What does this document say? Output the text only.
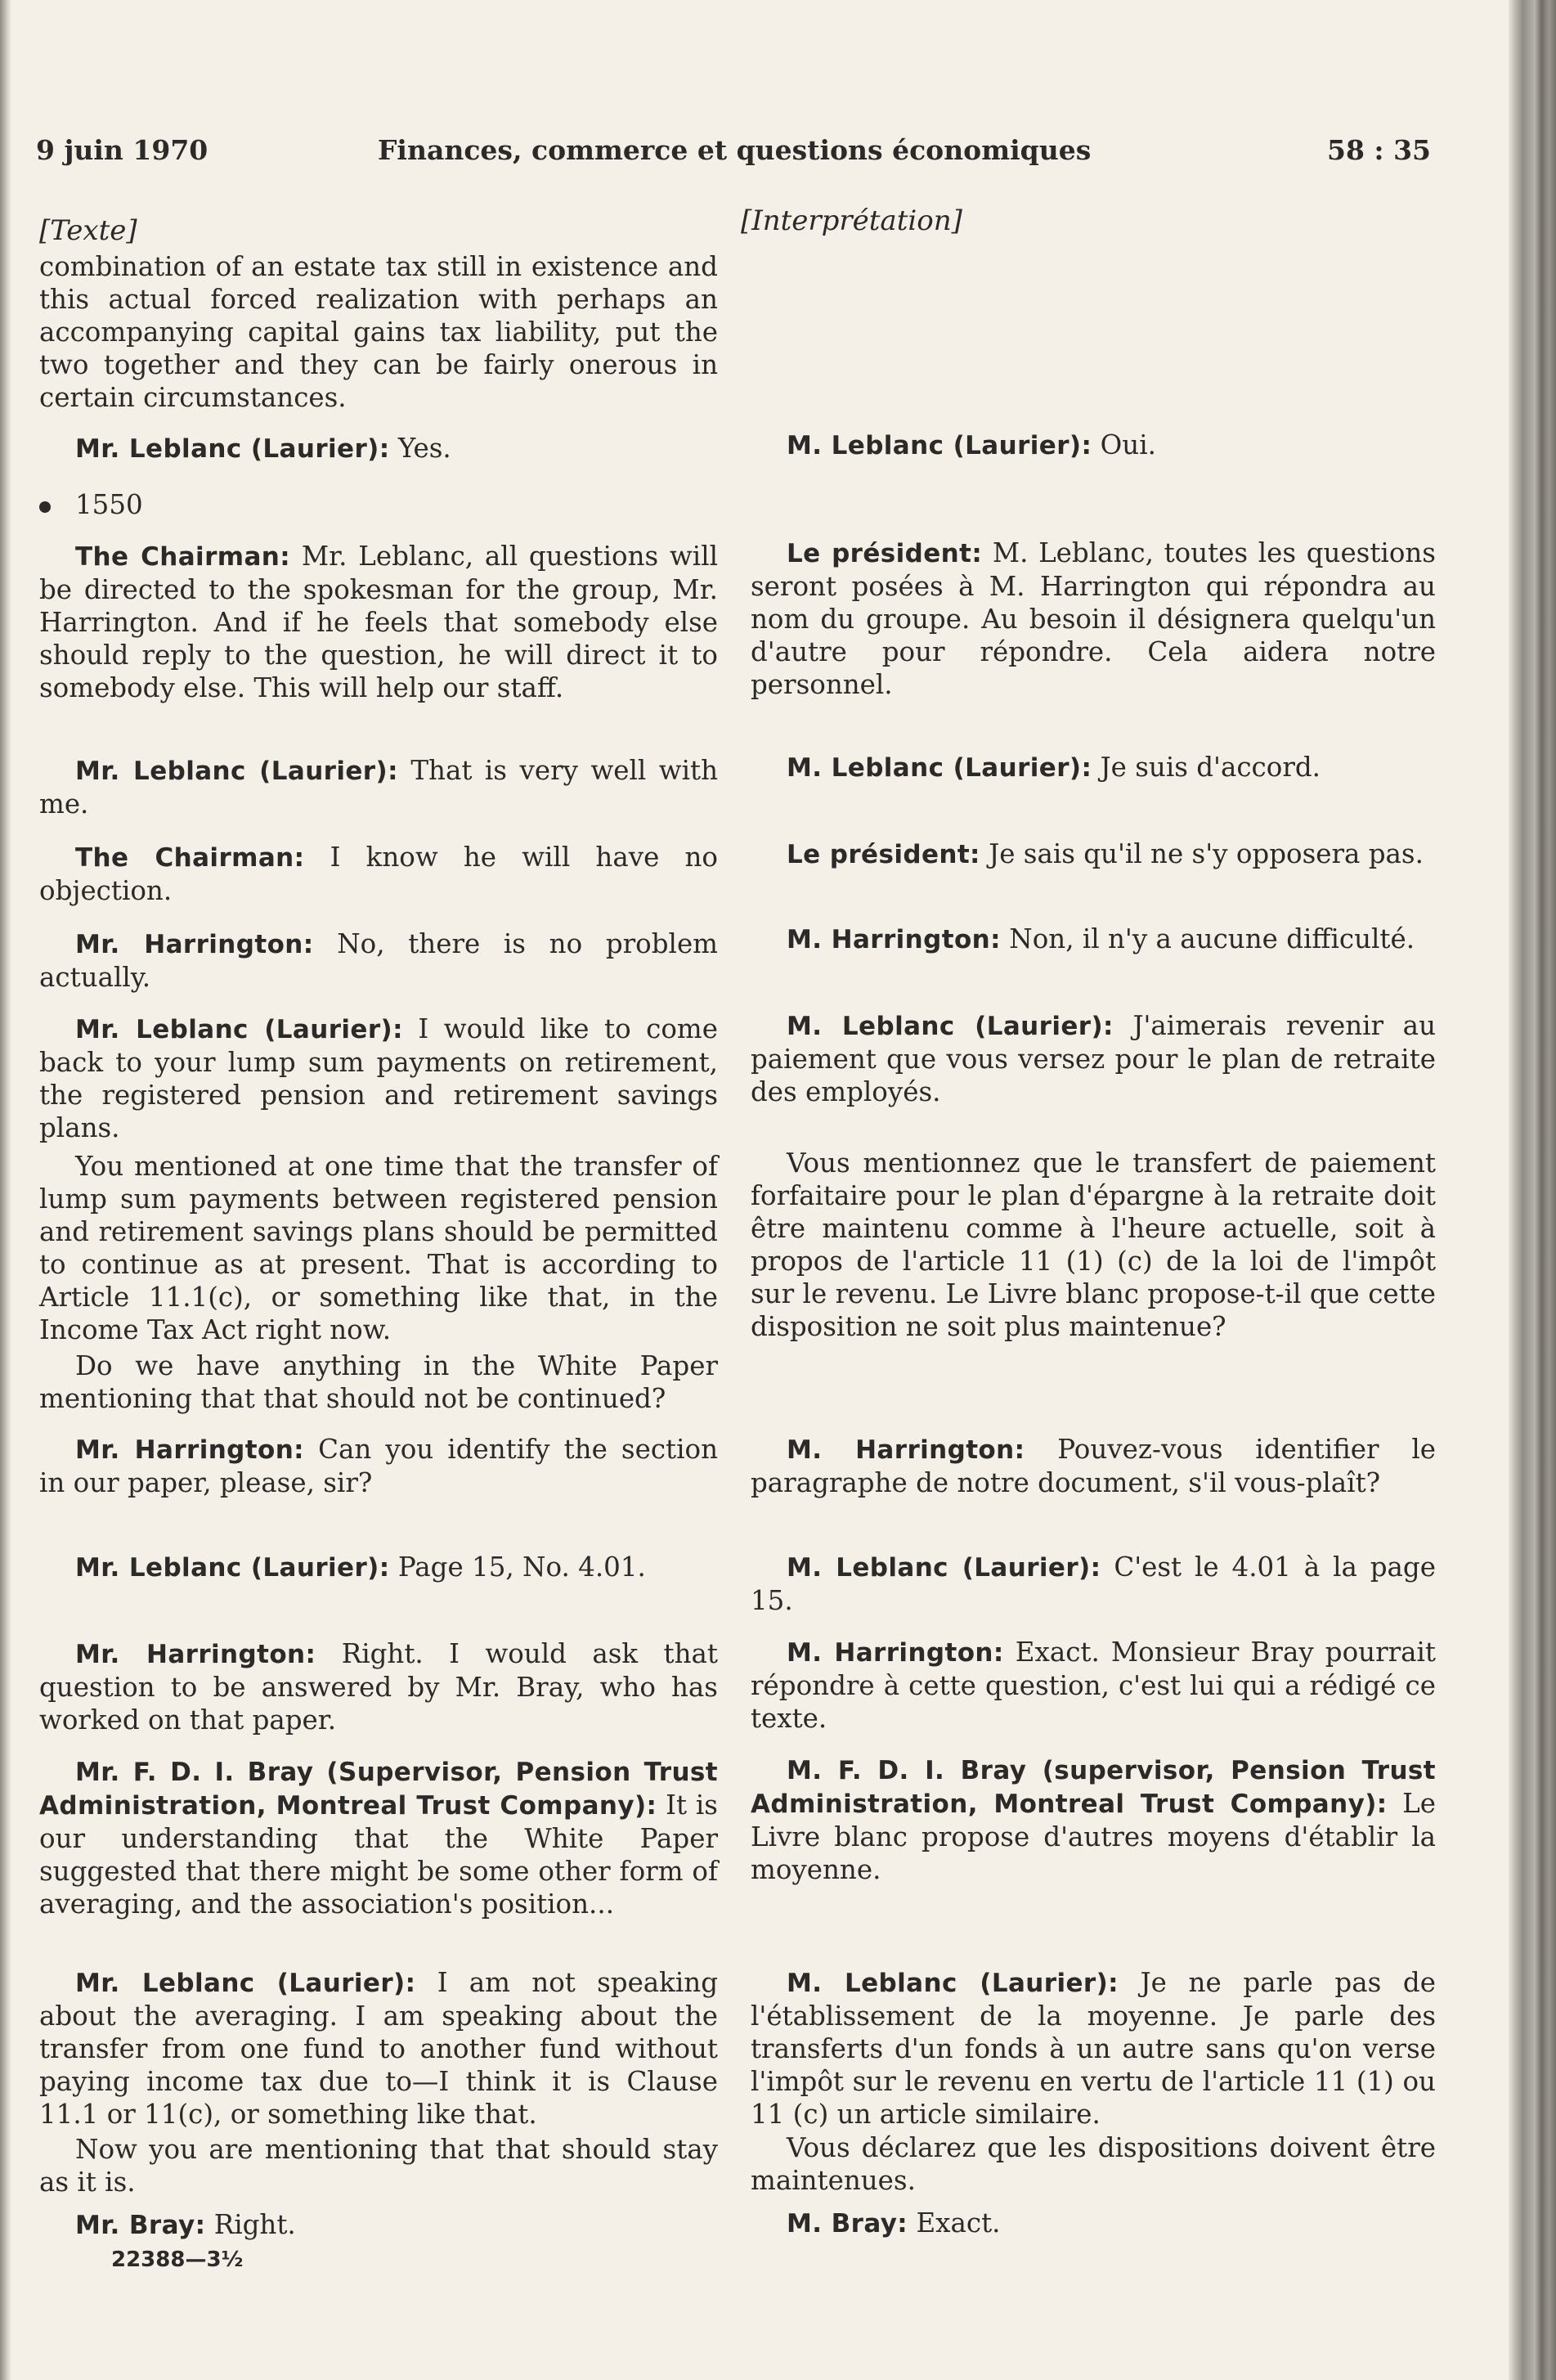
9 juin 1970	Finances, commerce et questions économiques	58 : 35
[Texte]	[Interprétation]
1550
combination of an estate tax still in existence and this actual forced realization with perhaps an accompanying capital gains tax liability, put the two together and they can be fairly onerous in certain circumstances.
Mr. Leblanc (Laurier): Yes.
The Chairman: Mr. Leblanc, all questions will be directed to the spokesman for the group, Mr. Harrington. And if he feels that somebody else should reply to the question, he will direct it to somebody else. This will help our staff.
Mr. Leblanc (Laurier): That is very well with me.
The Chairman: I know he will have no objection.
Mr. Harrington: No, there is no problem actually.
Mr. Leblanc (Laurier): I would like to come back to your lump sum payments on retirement, the registered pension and retirement savings plans.
You mentioned at one time that the transfer of lump sum payments between registered pension and retirement savings plans should be permitted to continue as at present. That is according to Article 11.1(c), or something like that, in the Income Tax Act right now.
Do we have anything in the White Paper mentioning that that should not be continued?
Mr. Harrington: Can you identify the section in our paper, please, sir?
Mr. Leblanc (Laurier): Page 15, No. 4.01.
Mr. Harrington: Right. I would ask that question to be answered by Mr. Bray, who has worked on that paper.
Mr. F. D. I. Bray (Supervisor, Pension Trust Administration, Montreal Trust Company): It is our understanding that the White Paper suggested that there might be some other form of averaging, and the association's position...
Mr. Leblanc (Laurier): I am not speaking about the averaging. I am speaking about the transfer from one fund to another fund without paying income tax due to—I think it is Clause 11.1 or 11(c), or something like that.
Now you are mentioning that that should stay as it is.
Mr. Bray: Right.
22388—3½
M. Leblanc (Laurier): Oui.
Le président: M. Leblanc, toutes les questions seront posées à M. Harrington qui répondra au nom du groupe. Au besoin il désignera quelqu'un d'autre pour répondre. Cela aidera notre personnel.
M. Leblanc (Laurier): Je suis d'accord.
Le président: Je sais qu'il ne s'y opposera pas.
M. Harrington: Non, il n'y a aucune difficulté.
M. Leblanc (Laurier): J'aimerais revenir au paiement que vous versez pour le plan de retraite des employés.
Vous mentionnez que le transfert de paiement forfaitaire pour le plan d'épargne à la retraite doit être maintenu comme à l'heure actuelle, soit à propos de l'article 11 (1) (c) de la loi de l'impôt sur le revenu. Le Livre blanc propose-t-il que cette disposition ne soit plus maintenue?
M. Harrington: Pouvez-vous identifier le paragraphe de notre document, s'il vous-plaît?
M. Leblanc (Laurier): C'est le 4.01 à la page 15.
M. Harrington: Exact. Monsieur Bray pourrait répondre à cette question, c'est lui qui a rédigé ce texte.
M. F. D. I. Bray (supervisor, Pension Trust Administration, Montreal Trust Company): Le Livre blanc propose d'autres moyens d'établir la moyenne.
M. Leblanc (Laurier): Je ne parle pas de l'établissement de la moyenne. Je parle des transferts d'un fonds à un autre sans qu'on verse l'impôt sur le revenu en vertu de l'article 11 (1) ou 11 (c) un article similaire.
Vous déclarez que les dispositions doivent être maintenues.
M. Bray: Exact.
